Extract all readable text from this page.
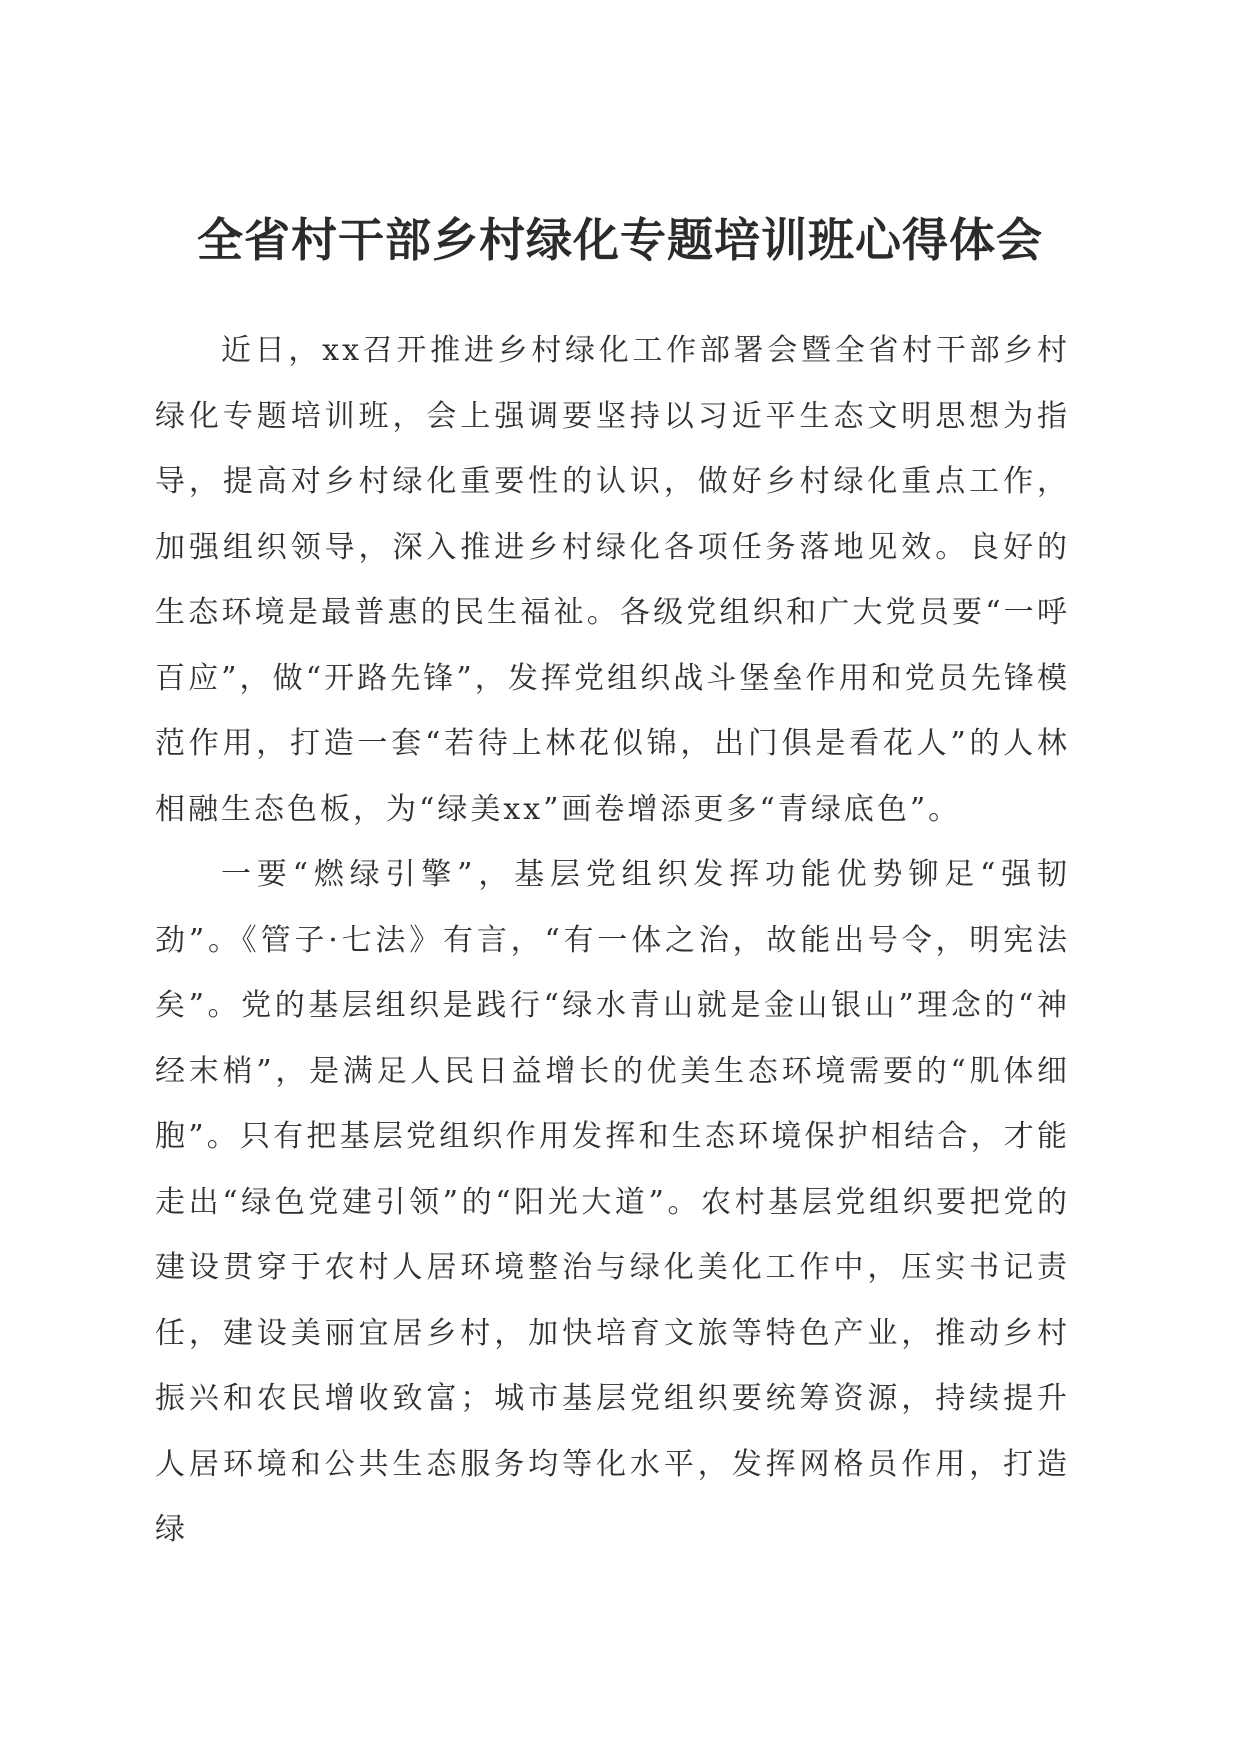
全省村干部乡村绿化专题培训班心得体会

近日，xx召开推进乡村绿化工作部署会暨全省村干部乡村绿化专题培训班，会上强调要坚持以习近平生态文明思想为指导，提高对乡村绿化重要性的认识，做好乡村绿化重点工作，加强组织领导，深入推进乡村绿化各项任务落地见效。良好的生态环境是最普惠的民生福祉。各级党组织和广大党员要“一呼百应”，做“开路先锋”，发挥党组织战斗堡垒作用和党员先锋模范作用，打造一套“若待上林花似锦，出门俱是看花人”的人林相融生态色板，为“绿美xx”画卷增添更多“青绿底色”。

一要“燃绿引擎”，基层党组织发挥功能优势铆足“强韧劲”。《管子·七法》有言，“有一体之治，故能出号令，明宪法矣”。党的基层组织是践行“绿水青山就是金山银山”理念的“神经末梢”，是满足人民日益增长的优美生态环境需要的“肌体细胞”。只有把基层党组织作用发挥和生态环境保护相结合，才能走出“绿色党建引领”的“阳光大道”。农村基层党组织要把党的建设贯穿于农村人居环境整治与绿化美化工作中，压实书记责任，建设美丽宜居乡村，加快培育文旅等特色产业，推动乡村振兴和农民增收致富；城市基层党组织要统筹资源，持续提升人居环境和公共生态服务均等化水平，发挥网格员作用，打造绿
